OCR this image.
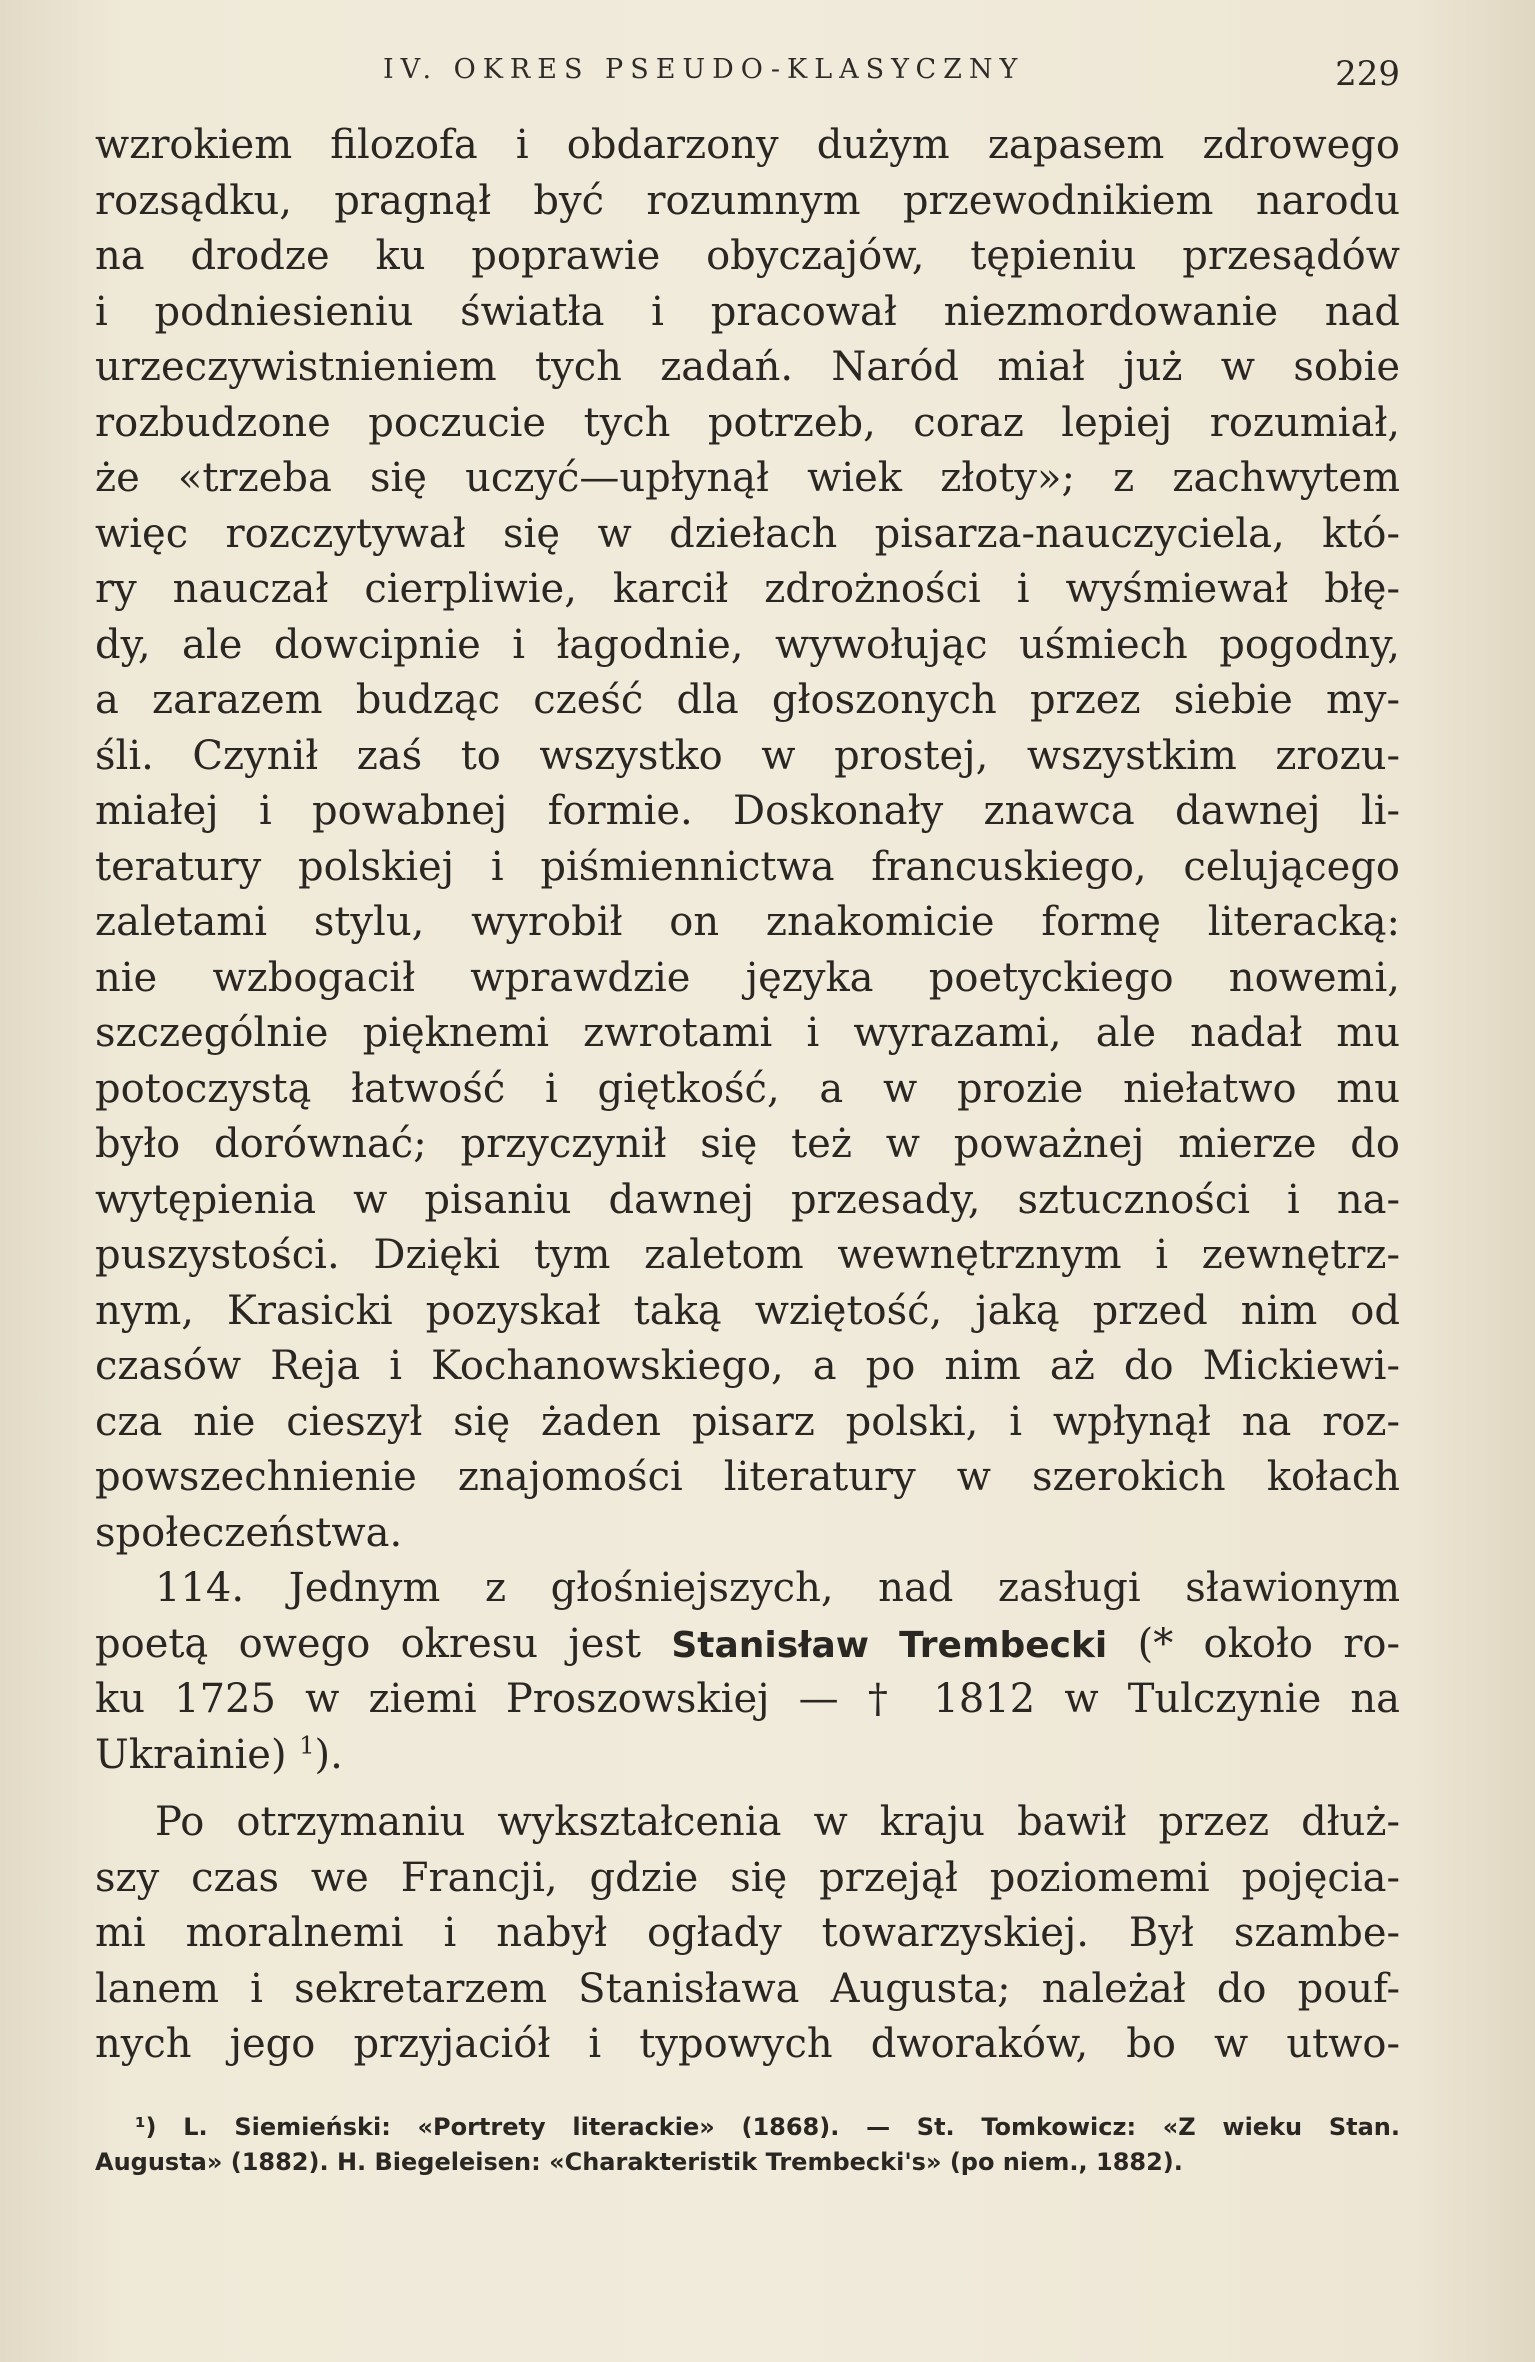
IV. OKRES PSEUDO-KLASYCZNY	229
wzrokiem filozofa i obdarzony dużym zapasem zdrowego
rozsądku, pragnął być rozumnym przewodnikiem narodu
na drodze ku poprawie obyczajów, tępieniu przesądów
i podniesieniu światła i pracował niezmordowanie nad
urzeczywistnieniem tych zadań. Naród miał już w sobie
rozbudzone poczucie tych potrzeb, coraz lepiej rozumiał,
że «trzeba się uczyć—upłynął wiek złoty»; z zachwytem
więc rozczytywał się w dziełach pisarza-nauczyciela, któ-
ry nauczał cierpliwie, karcił zdrożności i wyśmiewał błę-
dy, ale dowcipnie i łagodnie, wywołując uśmiech pogodny,
a zarazem budząc cześć dla głoszonych przez siebie my-
śli. Czynił zaś to wszystko w prostej, wszystkim zrozu-
miałej i powabnej formie. Doskonały znawca dawnej li-
teratury polskiej i piśmiennictwa francuskiego, celującego
zaletami stylu, wyrobił on znakomicie formę literacką:
nie wzbogacił wprawdzie języka poetyckiego nowemi,
szczególnie pięknemi zwrotami i wyrazami, ale nadał mu
potoczystą łatwość i giętkość, a w prozie niełatwo mu
było dorównać; przyczynił się też w poważnej mierze do
wytępienia w pisaniu dawnej przesady, sztuczności i na-
puszystości. Dzięki tym zaletom wewnętrznym i zewnętrz-
nym, Krasicki pozyskał taką wziętość, jaką przed nim od
czasów Reja i Kochanowskiego, a po nim aż do Mickiewi-
cza nie cieszył się żaden pisarz polski, i wpłynął na roz-
powszechnienie znajomości literatury w szerokich kołach
społeczeństwa.
114. Jednym z głośniejszych, nad zasługi sławionym
poetą owego okresu jest Stanisław Trembecki (* około ro-
ku 1725 w ziemi Proszowskiej — † 1812 w Tulczynie na
Ukrainie) $^1$).
Po otrzymaniu wykształcenia w kraju bawił przez dłuż-
szy czas we Francji, gdzie się przejął poziomemi pojęcia-
mi moralnemi i nabył ogłady towarzyskiej. Był szambe-
lanem i sekretarzem Stanisława Augusta; należał do pouf-
nych jego przyjaciół i typowych dworaków, bo w utwo-
¹) L. Siemieński: «Portrety literackie» (1868). — St. Tomkowicz: «Z wieku Stan.
Augusta» (1882). H. Biegeleisen: «Charakteristik Trembecki's» (po niem., 1882).
